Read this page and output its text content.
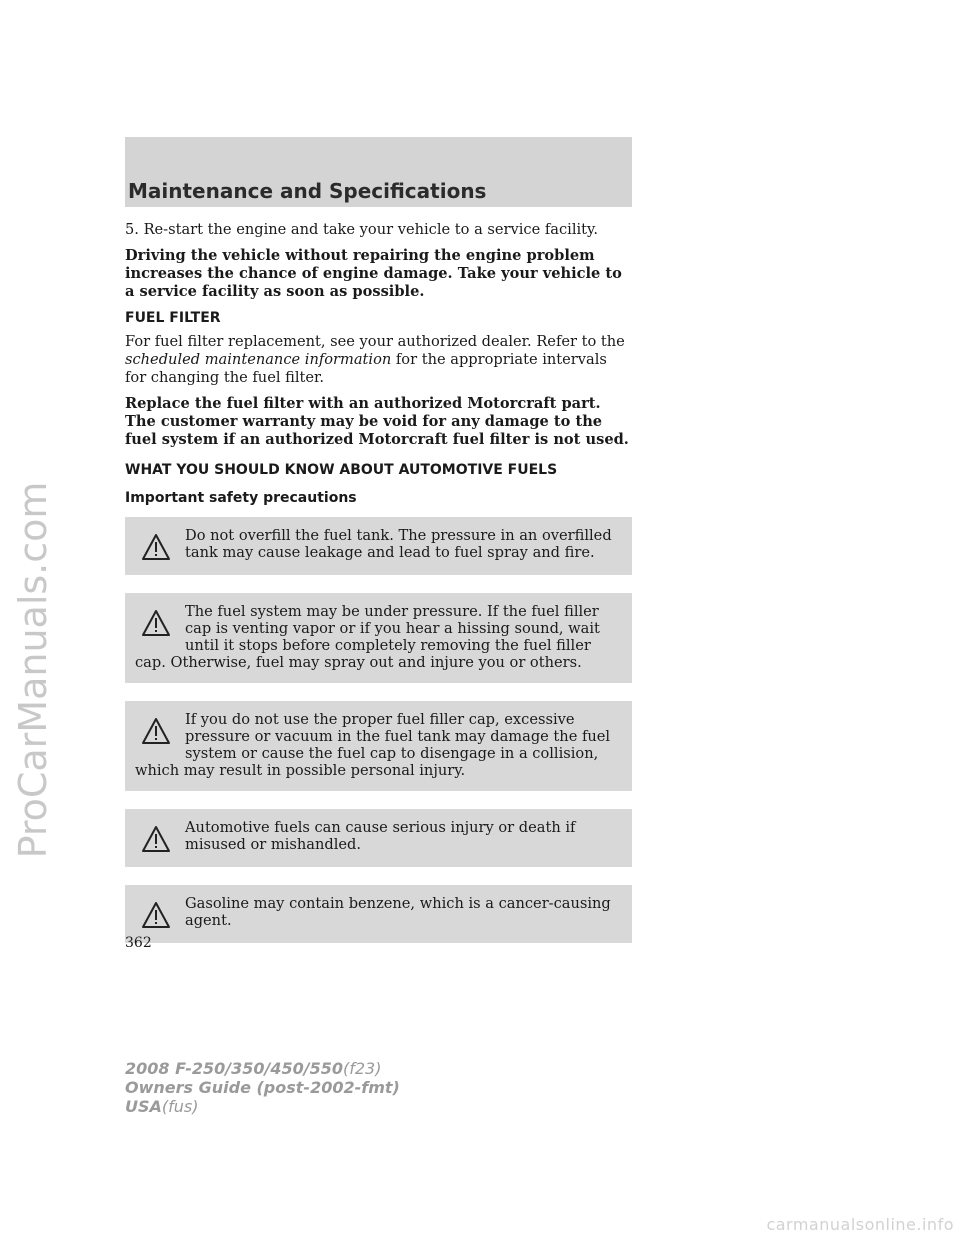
ProCarManuals.com
Maintenance and Specifications

5. Re-start the engine and take your vehicle to a service facility.

Driving the vehicle without repairing the engine problem increases the chance of engine damage. Take your vehicle to a service facility as soon as possible.

FUEL FILTER

For fuel filter replacement, see your authorized dealer. Refer to the scheduled maintenance information for the appropriate intervals for changing the fuel filter.

Replace the fuel filter with an authorized Motorcraft part. The customer warranty may be void for any damage to the fuel system if an authorized Motorcraft fuel filter is not used.

WHAT YOU SHOULD KNOW ABOUT AUTOMOTIVE FUELS
Important safety precautions
Do not overfill the fuel tank. The pressure in an overfilled tank may cause leakage and lead to fuel spray and fire.
The fuel system may be under pressure. If the fuel filler cap is venting vapor or if you hear a hissing sound, wait until it stops before completely removing the fuel filler cap. Otherwise, fuel may spray out and injure you or others.
If you do not use the proper fuel filler cap, excessive pressure or vacuum in the fuel tank may damage the fuel system or cause the fuel cap to disengage in a collision, which may result in possible personal injury.
Automotive fuels can cause serious injury or death if misused or mishandled.
Gasoline may contain benzene, which is a cancer-causing agent.
362
2008 F-250/350/450/550(f23)
Owners Guide (post-2002-fmt)
USA(fus)
carmanualsonline.info
